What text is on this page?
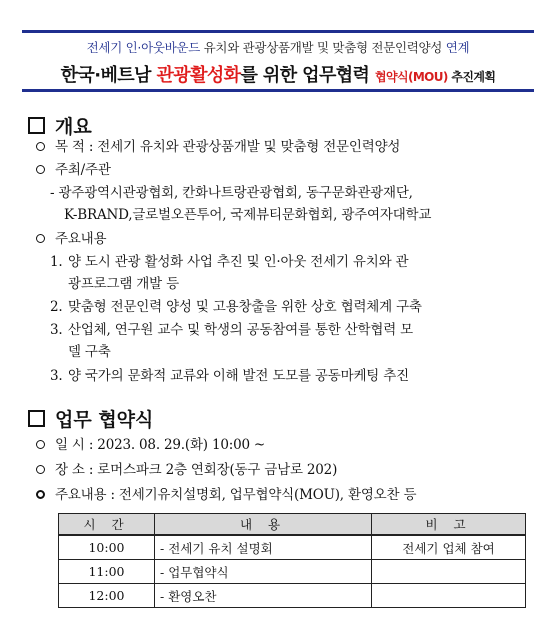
전세기 인·아웃바운드 유치와 관광상품개발 및 맞춤형 전문인력양성 연계
한국·베트남 관광활성화를 위한 업무협력 협약식(MOU) 추진계획
개요
목 적 : 전세기 유치와 관광상품개발 및 맞춤형 전문인력양성
주최/주관
- 광주광역시관광협회, 칸화나트랑관광협회, 동구문화관광재단,
K-BRAND,글로벌오픈투어, 국제뷰티문화협회, 광주여자대학교
주요내용
1. 양 도시 관광 활성화 사업 추진 및 인·아웃 전세기 유치와 관
광프로그램 개발 등
2. 맞춤형 전문인력 양성 및 고용창출을 위한 상호 협력체계 구축
3. 산업체, 연구원 교수 및 학생의 공동참여를 통한 산학협력 모
델 구축
3. 양 국가의 문화적 교류와 이해 발전 도모를 공동마케팅 추진
업무 협약식
일 시 : 2023. 08. 29.(화) 10:00 ~
장 소 : 로머스파크 2층 연회장(동구 금남로 202)
주요내용 : 전세기유치설명회, 업무협약식(MOU), 환영오찬 등
시 간	내 용	비 고
10:00	- 전세기 유치 설명회	전세기 업체 참여
11:00	- 업무협약식	
12:00	- 환영오찬	
